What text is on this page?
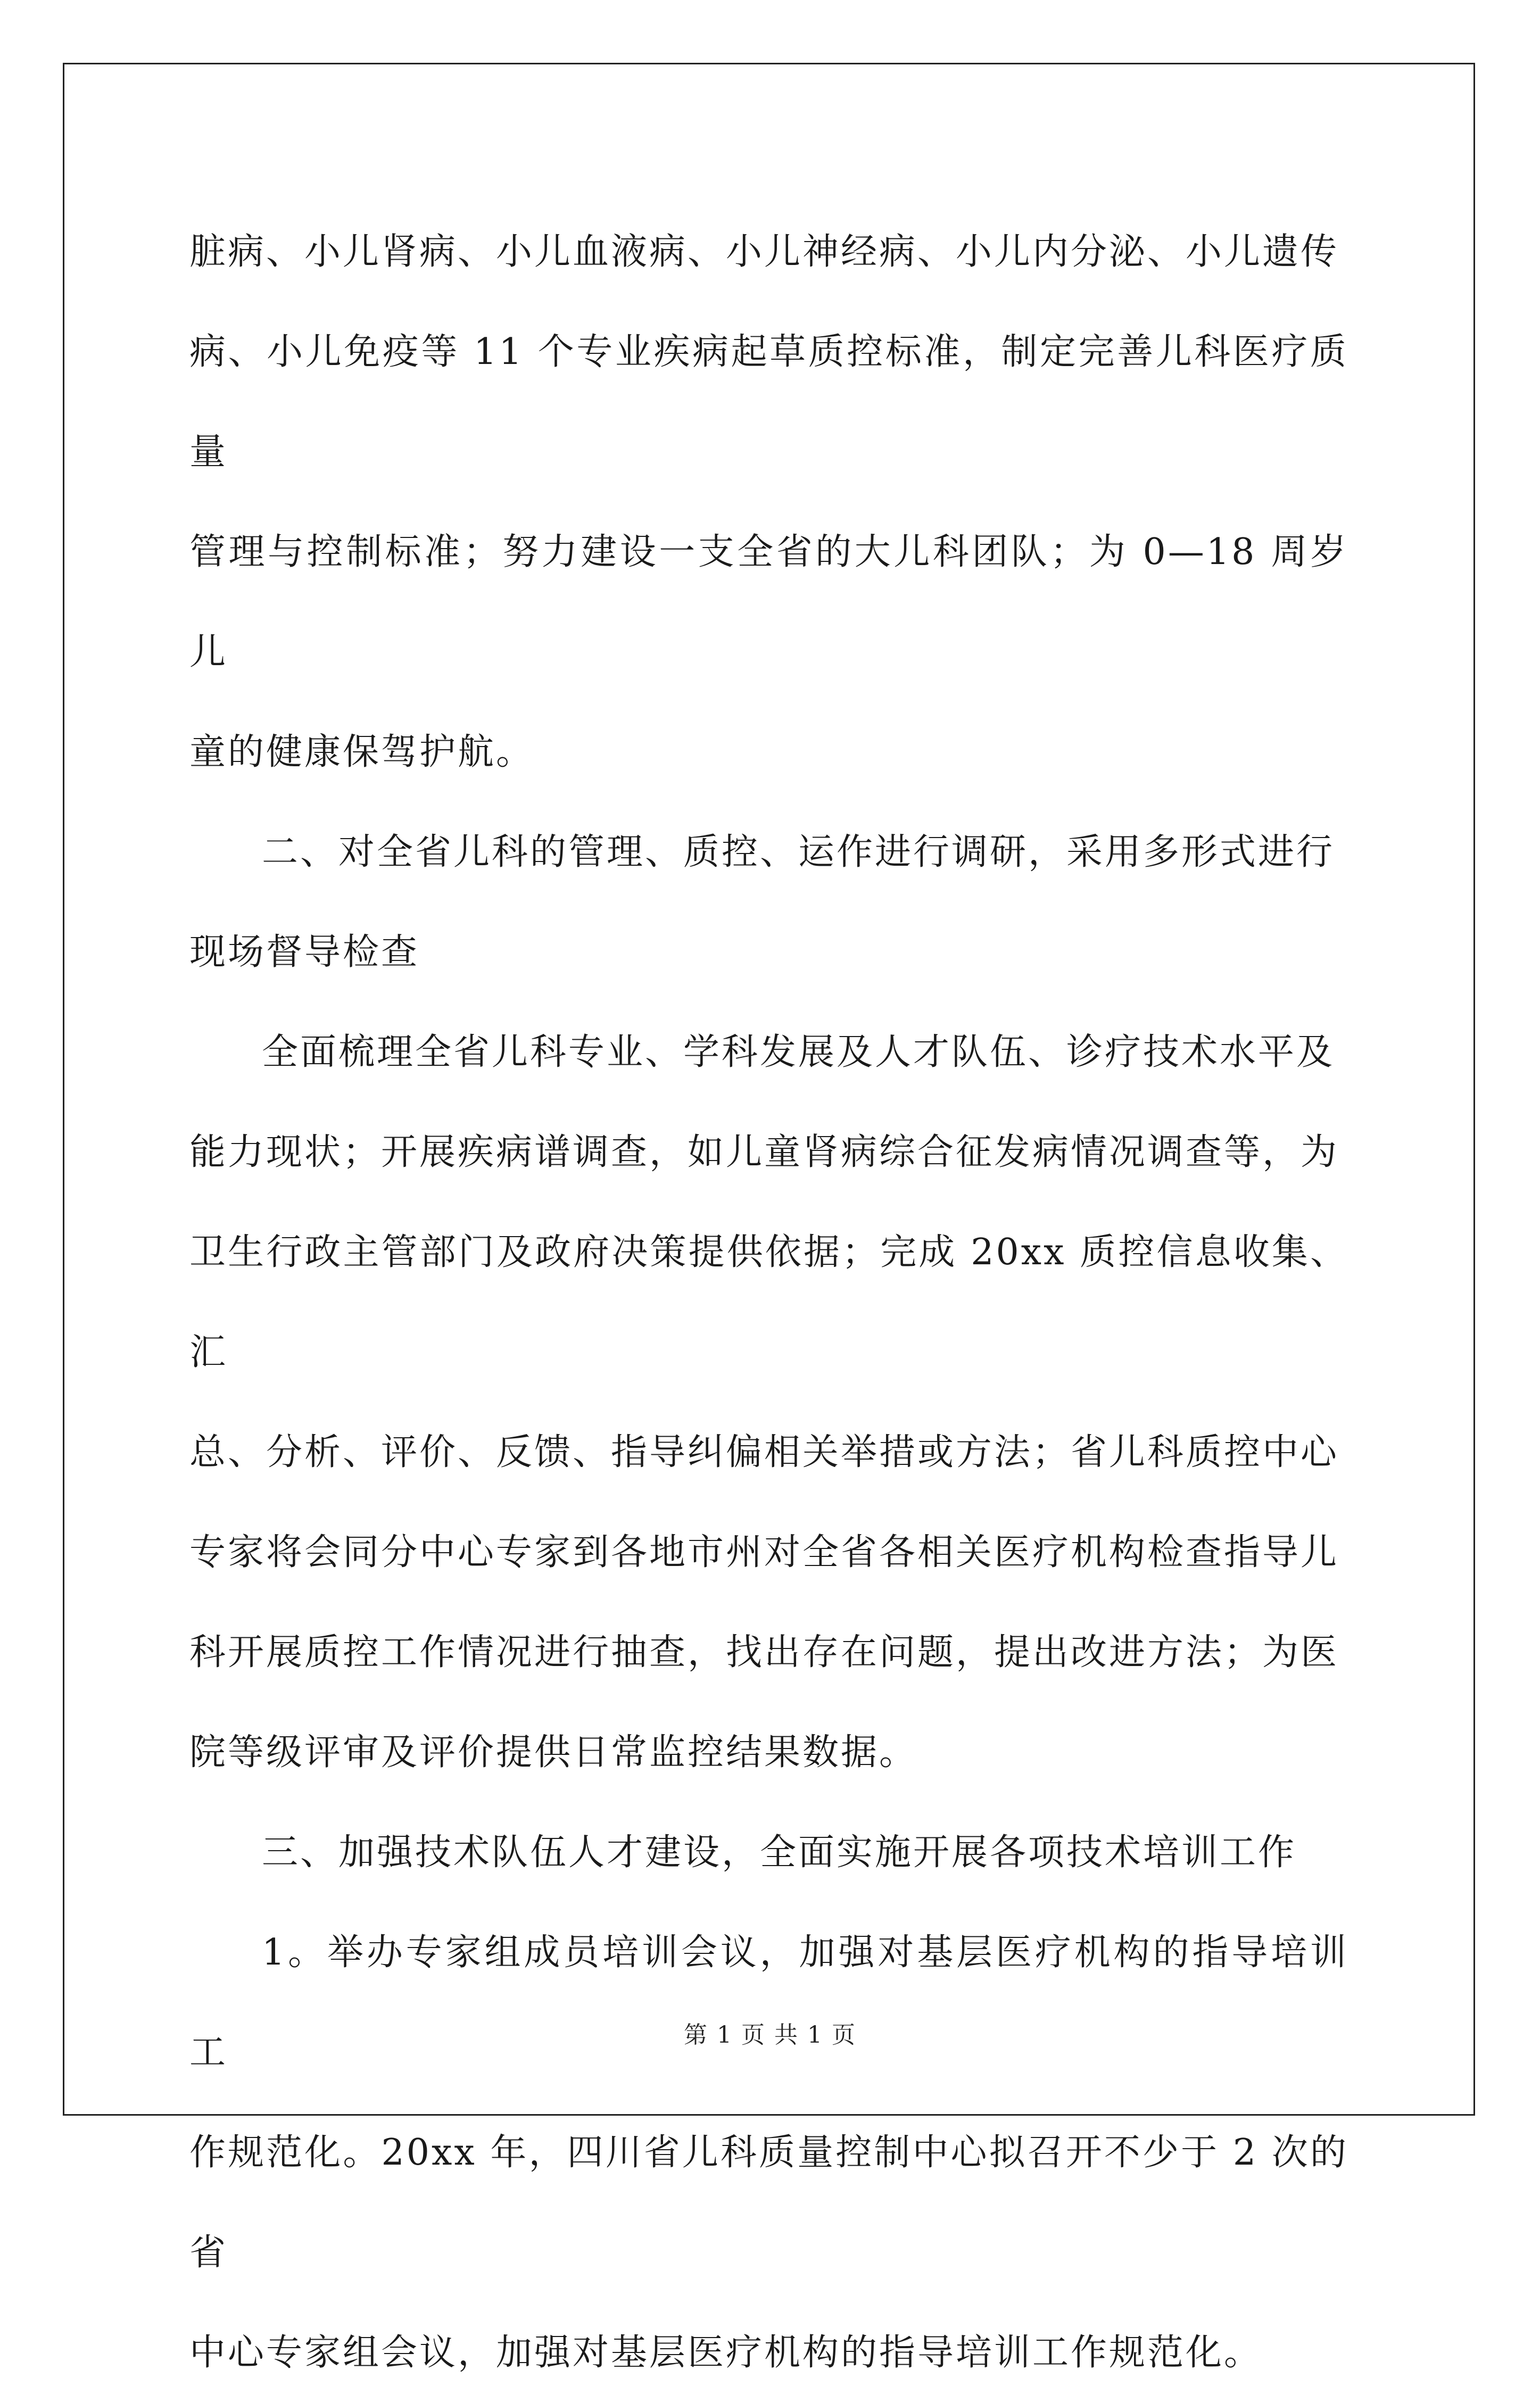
脏病、小儿肾病、小儿血液病、小儿神经病、小儿内分泌、小儿遗传
病、小儿免疫等 11 个专业疾病起草质控标准，制定完善儿科医疗质量
管理与控制标准；努力建设一支全省的大儿科团队；为 0—18 周岁儿
童的健康保驾护航。
二、对全省儿科的管理、质控、运作进行调研，采用多形式进行
现场督导检查
全面梳理全省儿科专业、学科发展及人才队伍、诊疗技术水平及
能力现状；开展疾病谱调查，如儿童肾病综合征发病情况调查等，为
卫生行政主管部门及政府决策提供依据；完成 20xx 质控信息收集、汇
总、分析、评价、反馈、指导纠偏相关举措或方法；省儿科质控中心
专家将会同分中心专家到各地市州对全省各相关医疗机构检查指导儿
科开展质控工作情况进行抽查，找出存在问题，提出改进方法；为医
院等级评审及评价提供日常监控结果数据。
三、加强技术队伍人才建设，全面实施开展各项技术培训工作
1。举办专家组成员培训会议，加强对基层医疗机构的指导培训工
作规范化。20xx 年，四川省儿科质量控制中心拟召开不少于 2 次的省
中心专家组会议，加强对基层医疗机构的指导培训工作规范化。
第 1 页 共 1 页
